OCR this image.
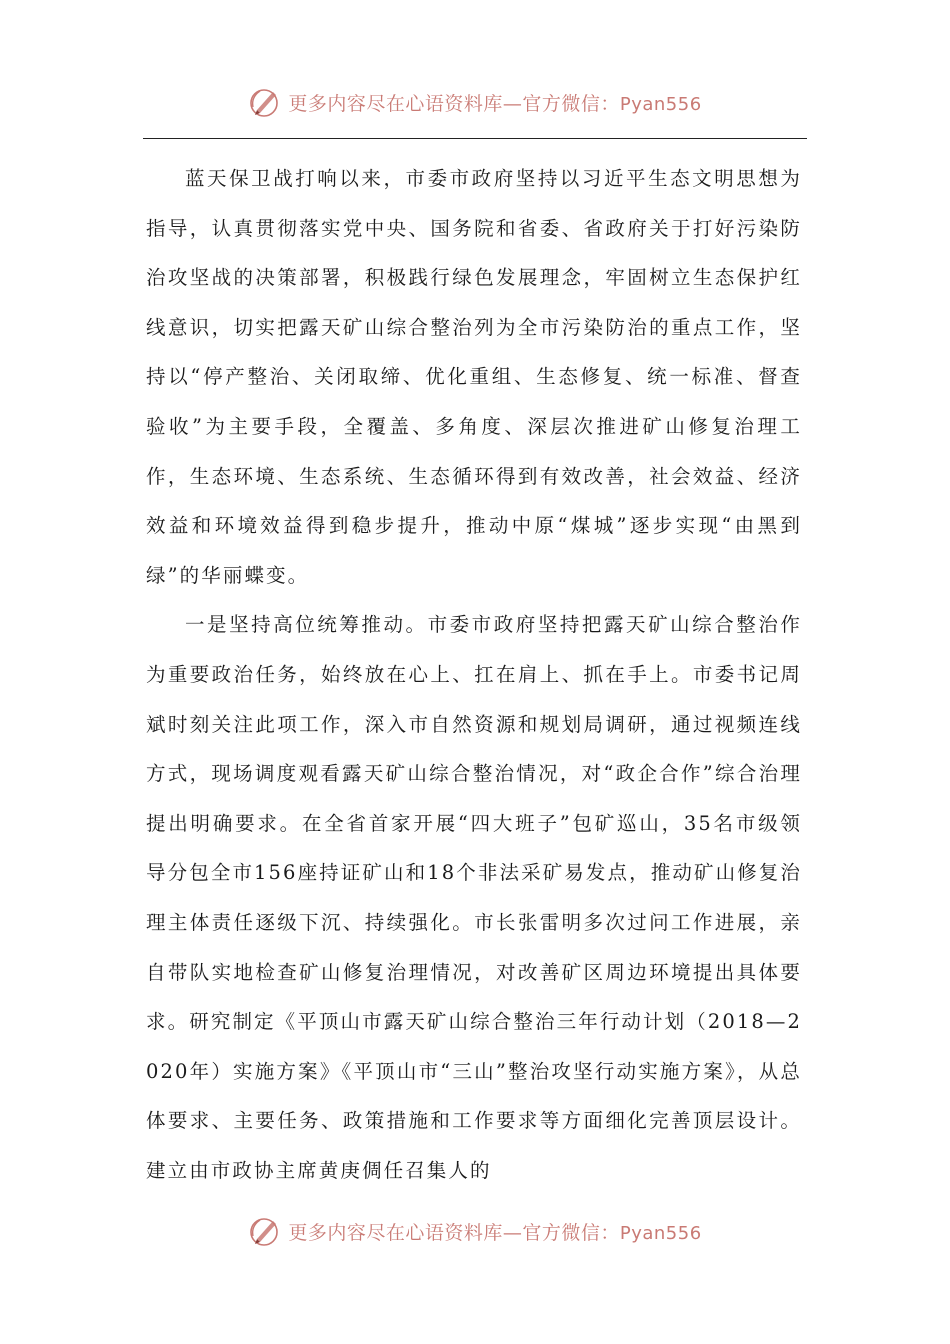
更多内容尽在心语资料库—官方微信：Pyan556

蓝天保卫战打响以来，市委市政府坚持以习近平生态文明思想为指导，认真贯彻落实党中央、国务院和省委、省政府关于打好污染防治攻坚战的决策部署，积极践行绿色发展理念，牢固树立生态保护红线意识，切实把露天矿山综合整治列为全市污染防治的重点工作，坚持以“停产整治、关闭取缔、优化重组、生态修复、统一标准、督查验收”为主要手段，全覆盖、多角度、深层次推进矿山修复治理工作，生态环境、生态系统、生态循环得到有效改善，社会效益、经济效益和环境效益得到稳步提升，推动中原“煤城”逐步实现“由黑到绿”的华丽蝶变。

一是坚持高位统筹推动。市委市政府坚持把露天矿山综合整治作为重要政治任务，始终放在心上、扛在肩上、抓在手上。市委书记周斌时刻关注此项工作，深入市自然资源和规划局调研，通过视频连线方式，现场调度观看露天矿山综合整治情况，对“政企合作”综合治理提出明确要求。在全省首家开展“四大班子”包矿巡山，35名市级领导分包全市156座持证矿山和18个非法采矿易发点，推动矿山修复治理主体责任逐级下沉、持续强化。市长张雷明多次过问工作进展，亲自带队实地检查矿山修复治理情况，对改善矿区周边环境提出具体要求。研究制定《平顶山市露天矿山综合整治三年行动计划（2018—2020年）实施方案》《平顶山市“三山”整治攻坚行动实施方案》，从总体要求、主要任务、政策措施和工作要求等方面细化完善顶层设计。建立由市政协主席黄庚倜任召集人的

更多内容尽在心语资料库—官方微信：Pyan556
